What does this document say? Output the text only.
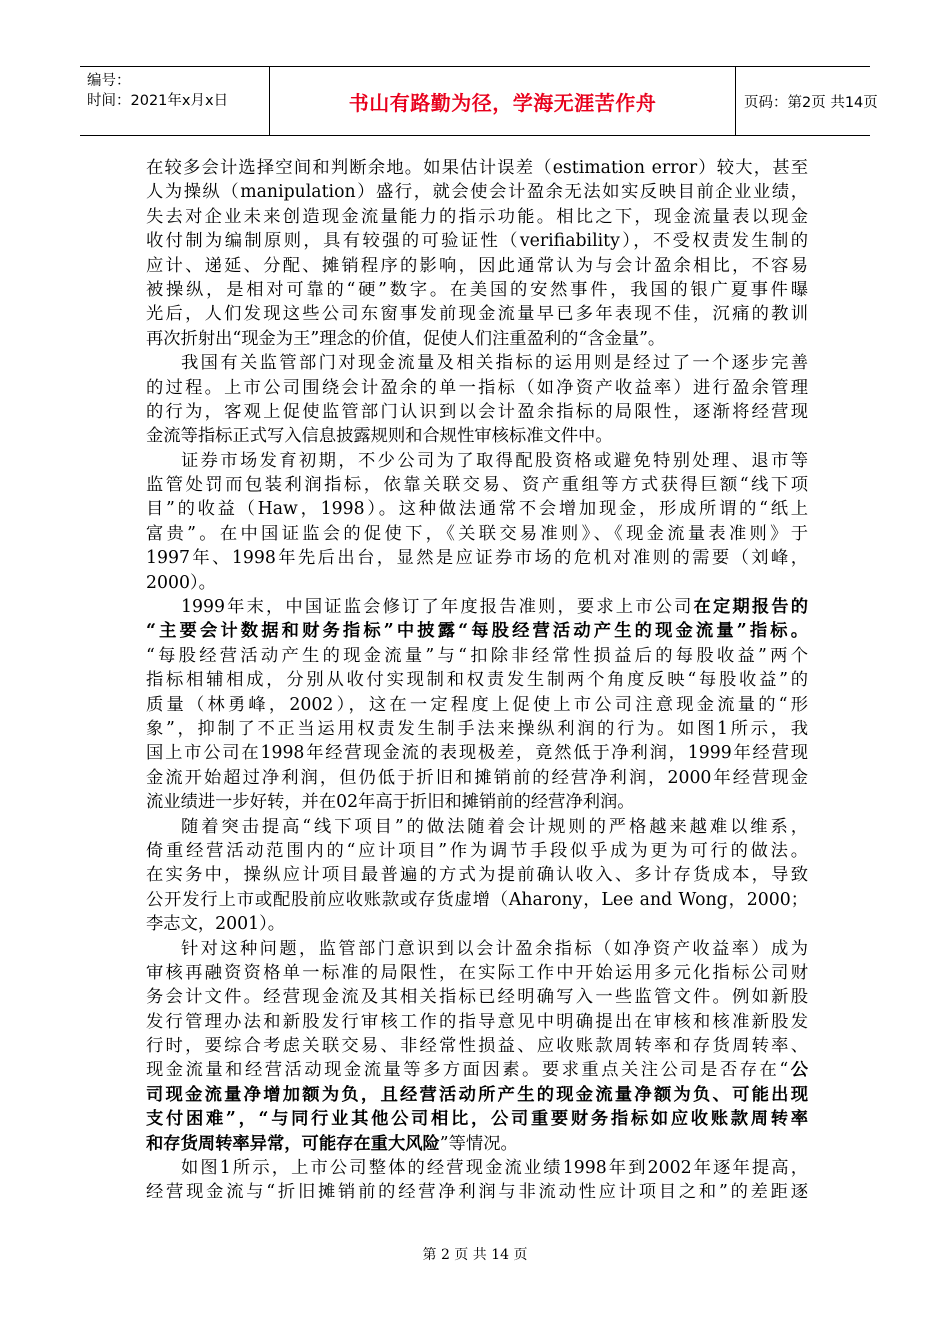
编号：
时间：2021年x月x日	书山有路勤为径，学海无涯苦作舟	页码：第2页 共14页
在较多会计选择空间和判断余地。如果估计误差（estimation error）较大，甚至
人为操纵（manipulation）盛行，就会使会计盈余无法如实反映目前企业业绩，
失去对企业未来创造现金流量能力的指示功能。相比之下，现金流量表以现金
收付制为编制原则，具有较强的可验证性（verifiability），不受权责发生制的
应计、递延、分配、摊销程序的影响，因此通常认为与会计盈余相比，不容易
被操纵，是相对可靠的“硬”数字。在美国的安然事件，我国的银广夏事件曝
光后，人们发现这些公司东窗事发前现金流量早已多年表现不佳，沉痛的教训
再次折射出“现金为王”理念的价值，促使人们注重盈利的“含金量”。
我国有关监管部门对现金流量及相关指标的运用则是经过了一个逐步完善
的过程。上市公司围绕会计盈余的单一指标（如净资产收益率）进行盈余管理
的行为，客观上促使监管部门认识到以会计盈余指标的局限性，逐渐将经营现
金流等指标正式写入信息披露规则和合规性审核标准文件中。
证券市场发育初期，不少公司为了取得配股资格或避免特别处理、退市等
监管处罚而包装利润指标，依靠关联交易、资产重组等方式获得巨额“线下项
目”的收益（Haw，1998）。这种做法通常不会增加现金，形成所谓的“纸上
富贵”。在中国证监会的促使下，《关联交易准则》、《现金流量表准则》于
1997年、1998年先后出台，显然是应证券市场的危机对准则的需要（刘峰，
2000）。
1999年末，中国证监会修订了年度报告准则，要求上市公司在定期报告的
“主要会计数据和财务指标”中披露“每股经营活动产生的现金流量”指标。
“每股经营活动产生的现金流量”与“扣除非经常性损益后的每股收益”两个
指标相辅相成，分别从收付实现制和权责发生制两个角度反映“每股收益”的
质量（林勇峰，2002），这在一定程度上促使上市公司注意现金流量的“形
象”，抑制了不正当运用权责发生制手法来操纵利润的行为。如图1所示，我
国上市公司在1998年经营现金流的表现极差，竟然低于净利润，1999年经营现
金流开始超过净利润，但仍低于折旧和摊销前的经营净利润，2000年经营现金
流业绩进一步好转，并在02年高于折旧和摊销前的经营净利润。
随着突击提高“线下项目”的做法随着会计规则的严格越来越难以维系，
倚重经营活动范围内的“应计项目”作为调节手段似乎成为更为可行的做法。
在实务中，操纵应计项目最普遍的方式为提前确认收入、多计存货成本，导致
公开发行上市或配股前应收账款或存货虚增（Aharony，Lee and Wong，2000；
李志文，2001）。
针对这种问题，监管部门意识到以会计盈余指标（如净资产收益率）成为
审核再融资资格单一标准的局限性，在实际工作中开始运用多元化指标公司财
务会计文件。经营现金流及其相关指标已经明确写入一些监管文件。例如新股
发行管理办法和新股发行审核工作的指导意见中明确提出在审核和核准新股发
行时，要综合考虑关联交易、非经常性损益、应收账款周转率和存货周转率、
现金流量和经营活动现金流量等多方面因素。要求重点关注公司是否存在“公
司现金流量净增加额为负，且经营活动所产生的现金流量净额为负、可能出现
支付困难”，“与同行业其他公司相比，公司重要财务指标如应收账款周转率
和存货周转率异常，可能存在重大风险”等情况。
如图1所示，上市公司整体的经营现金流业绩1998年到2002年逐年提高，
经营现金流与“折旧摊销前的经营净利润与非流动性应计项目之和”的差距逐
第 2 页 共 14 页
